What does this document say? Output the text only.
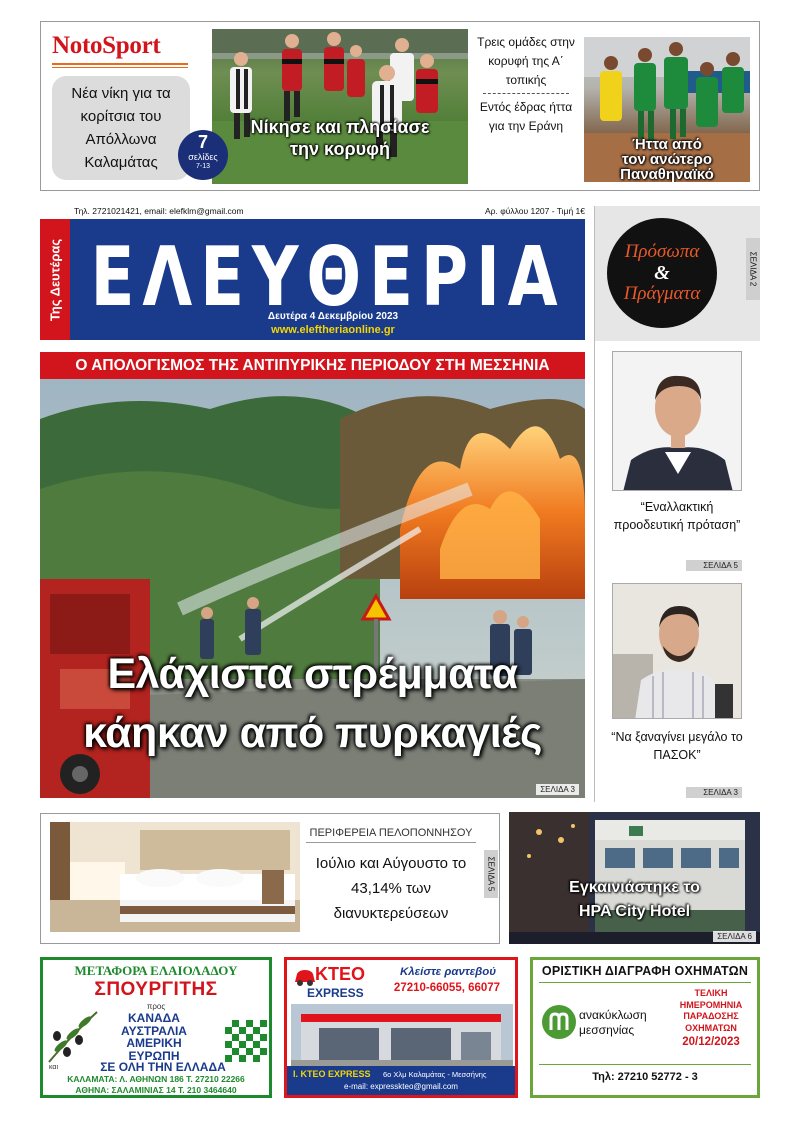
NotoSport
Νέα νίκη για τα κορίτσια του Απόλλωνα Καλαμάτας
Νίκησε και πλησίασε
την κορυφή
7
σελίδες
7-13
Τρεις ομάδες στην κορυφή της Α΄ τοπικής
Εντός έδρας ήττα για την Εράνη
Ήττα από
τον ανώτερο
Παναθηναϊκό
Τηλ. 2721021421, email: elefklm@gmail.com	Αρ. φύλλου 1207 - Τιμή 1€
Της Δευτέρας ΕΛΕΥΘΕΡΙΑ
Δευτέρα 4 Δεκεμβρίου 2023
www.eleftheriaonline.gr
Πρόσωπα
&
Πράγματα
ΣΕΛΙΔΑ 2
“Εναλλακτική προοδευτική πρόταση”
ΣΕΛΙΔΑ 5
“Να ξαναγίνει μεγάλο το ΠΑΣΟΚ”
ΣΕΛΙΔΑ 3
Ο ΑΠΟΛΟΓΙΣΜΟΣ ΤΗΣ ΑΝΤΙΠΥΡΙΚΗΣ ΠΕΡΙΟΔΟΥ ΣΤΗ ΜΕΣΣΗΝΙΑ
Ελάχιστα στρέμματα
κάηκαν από πυρκαγιές
ΣΕΛΙΔΑ 3
ΠΕΡΙΦΕΡΕΙΑ ΠΕΛΟΠΟΝΝΗΣΟΥ
Ιούλιο και Αύγουστο το 43,14% των διανυκτερεύσεων
ΣΕΛΙΔΑ 5	Εγκαινιάστηκε το
HPA City Hotel
ΣΕΛΙΔΑ 6
ΜΕΤΑΦΟΡΑ ΕΛΑΙΟΛΑΔΟΥ
ΣΠΟΥΡΓΙΤΗΣ
προς
ΚΑΝΑΔΑ
ΑΥΣΤΡΑΛΙΑ
ΑΜΕΡΙΚΗ
ΕΥΡΩΠΗ
και	ΣΕ ΟΛΗ ΤΗΝ ΕΛΛΑΔΑ
ΚΑΛΑΜΑΤΑ: Λ. ΑΘΗΝΩΝ 186 Τ. 27210 22266
ΑΘΗΝΑ: ΣΑΛΑΜΙΝΙΑΣ 14 Τ. 210 3464640
ΚΤΕΟ
EXPRESS
Κλείστε ραντεβού
27210-66055, 66077
I. ΚΤΕΟ EXPRESS 6ο Χλμ Καλαμάτας - Μεσσήνης
e-mail: expresskteo@gmail.com
ΟΡΙΣΤΙΚΗ ΔΙΑΓΡΑΦΗ ΟΧΗΜΑΤΩΝ
ανακύκλωση
μεσσηνίας
ΤΕΛΙΚΗ ΗΜΕΡΟΜΗΝΙΑ ΠΑΡΑΔΟΣΗΣ ΟΧΗΜΑΤΩΝ
20/12/2023
Τηλ: 27210 52772 - 3
